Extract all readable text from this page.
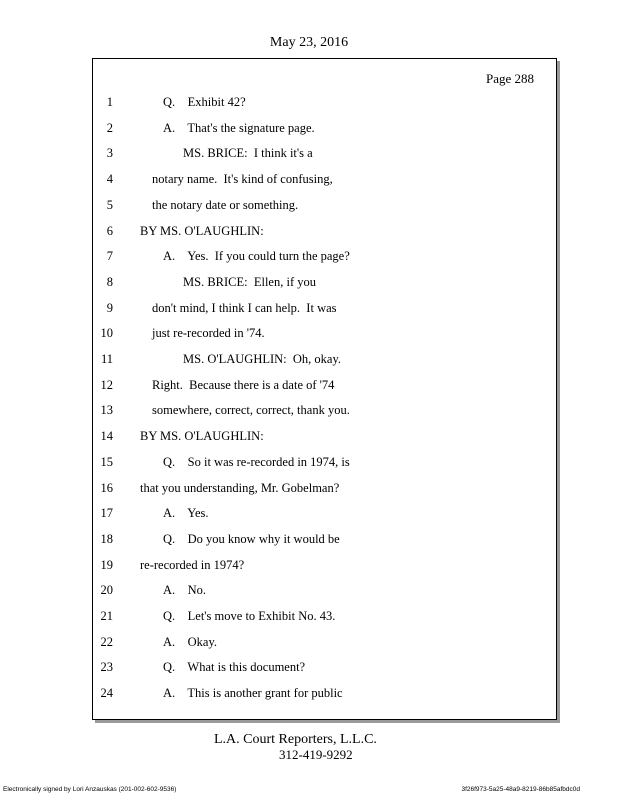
May 23, 2016
Page 288
1	Q.    Exhibit 42?
2	A.    That's the signature page.
3	MS. BRICE:  I think it's a
4	notary name.  It's kind of confusing,
5	the notary date or something.
6 BY MS. O'LAUGHLIN:
7	A.    Yes.  If you could turn the page?
8	MS. BRICE:  Ellen, if you
9	don't mind, I think I can help.  It was
10	just re-recorded in '74.
11	MS. O'LAUGHLIN:  Oh, okay.
12	Right.  Because there is a date of '74
13	somewhere, correct, correct, thank you.
14 BY MS. O'LAUGHLIN:
15	Q.    So it was re-recorded in 1974, is
16 that you understanding, Mr. Gobelman?
17	A.    Yes.
18	Q.    Do you know why it would be
19 re-recorded in 1974?
20	A.    No.
21	Q.    Let's move to Exhibit No. 43.
22	A.    Okay.
23	Q.    What is this document?
24	A.    This is another grant for public
L.A. Court Reporters, L.L.C.
312-419-9292
Electronically signed by Lori Anzauskas (201-002-602-9536)	3f26f973-5a25-48a9-8219-86b85afbdc0d
